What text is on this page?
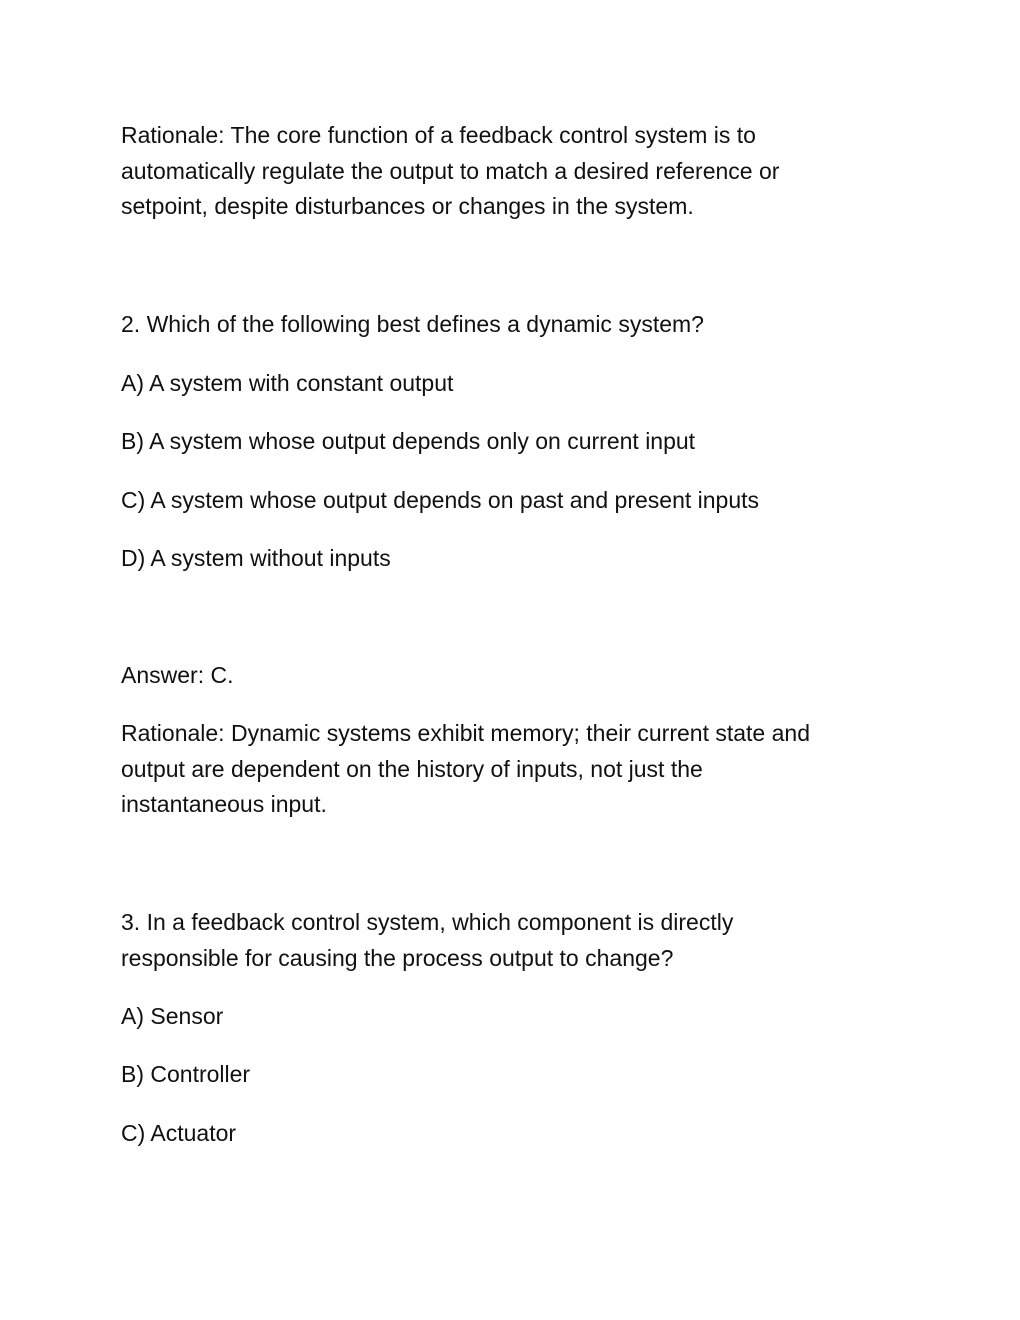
Rationale: The core function of a feedback control system is to
automatically regulate the output to match a desired reference or
setpoint, despite disturbances or changes in the system.

2. Which of the following best defines a dynamic system?

A) A system with constant output

B) A system whose output depends only on current input

C) A system whose output depends on past and present inputs

D) A system without inputs

Answer: C.

Rationale: Dynamic systems exhibit memory; their current state and
output are dependent on the history of inputs, not just the
instantaneous input.

3. In a feedback control system, which component is directly
responsible for causing the process output to change?

A) Sensor

B) Controller

C) Actuator
